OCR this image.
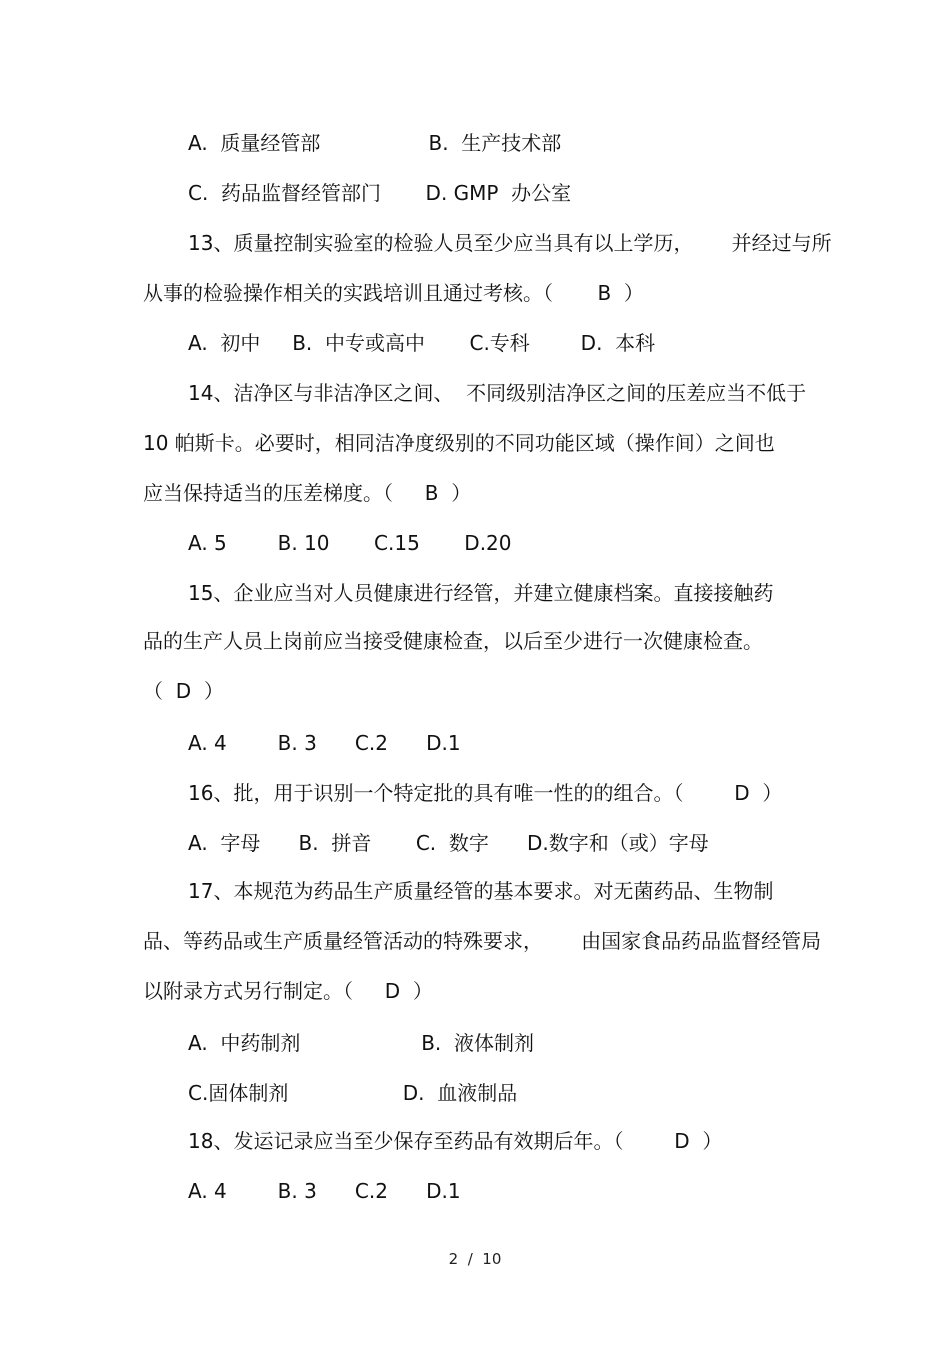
A.  质量经管部                 B.  生产技术部
C.  药品监督经管部门       D. GMP  办公室
13、质量控制实验室的检验人员至少应当具有以上学历，      并经过与所
从事的检验操作相关的实践培训且通过考核。（       B  ）
A.  初中     B.  中专或高中       C.专科        D.  本科
14、洁净区与非洁净区之间、  不同级别洁净区之间的压差应当不低于
10 帕斯卡。必要时，相同洁净度级别的不同功能区域（操作间）之间也
应当保持适当的压差梯度。（     B  ）
A. 5        B. 10       C.15       D.20
15、企业应当对人员健康进行经管，并建立健康档案。直接接触药
品的生产人员上岗前应当接受健康检查，以后至少进行一次健康检查。
（  D  ）
A. 4        B. 3      C.2      D.1
16、批，用于识别一个特定批的具有唯一性的的组合。（        D  ）
A.  字母      B.  拼音       C.  数字      D.数字和（或）字母
17、本规范为药品生产质量经管的基本要求。对无菌药品、生物制
品、等药品或生产质量经管活动的特殊要求，      由国家食品药品监督经管局
以附录方式另行制定。（     D  ）
A.  中药制剂                   B.  液体制剂
C.固体制剂                  D.  血液制品
18、发运记录应当至少保存至药品有效期后年。（        D  ）
A. 4        B. 3      C.2      D.1
2  /  10
